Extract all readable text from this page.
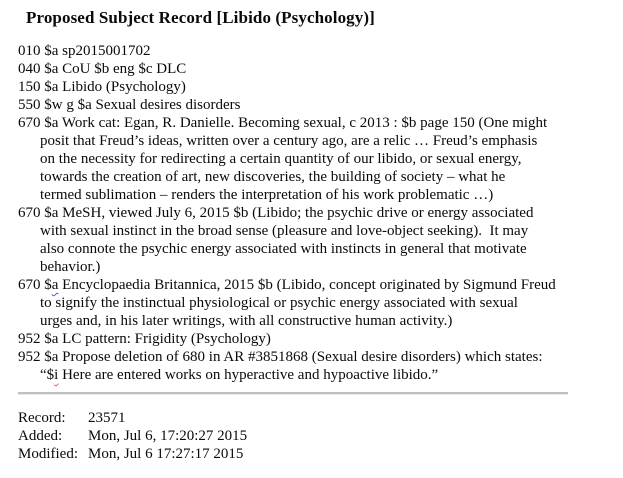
Proposed Subject Record [Libido (Psychology)]
010 $a sp2015001702
040 $a CoU $b eng $c DLC
150 $a Libido (Psychology)
550 $w g $a Sexual desires disorders
670 $a Work cat: Egan, R. Danielle. Becoming sexual, c 2013 : $b page 150 (One might
posit that Freud’s ideas, written over a century ago, are a relic … Freud’s emphasis
on the necessity for redirecting a certain quantity of our libido, or sexual energy,
towards the creation of art, new discoveries, the building of society – what he
termed sublimation – renders the interpretation of his work problematic …)
670 $a MeSH, viewed July 6, 2015 $b (Libido; the psychic drive or energy associated
with sexual instinct in the broad sense (pleasure and love-object seeking).  It may
also connote the psychic energy associated with instincts in general that motivate
behavior.)
670 $a Encyclopaedia Britannica, 2015 $b (Libido, concept originated by Sigmund Freud
to signify the instinctual physiological or psychic energy associated with sexual
urges and, in his later writings, with all constructive human activity.)
952 $a LC pattern: Frigidity (Psychology)
952 $a Propose deletion of 680 in AR #3851868 (Sexual desire disorders) which states:
“$i Here are entered works on hyperactive and hypoactive libido.”
Record:	23571
Added:	Mon, Jul 6, 17:20:27 2015
Modified: Mon, Jul 6 17:27:17 2015
